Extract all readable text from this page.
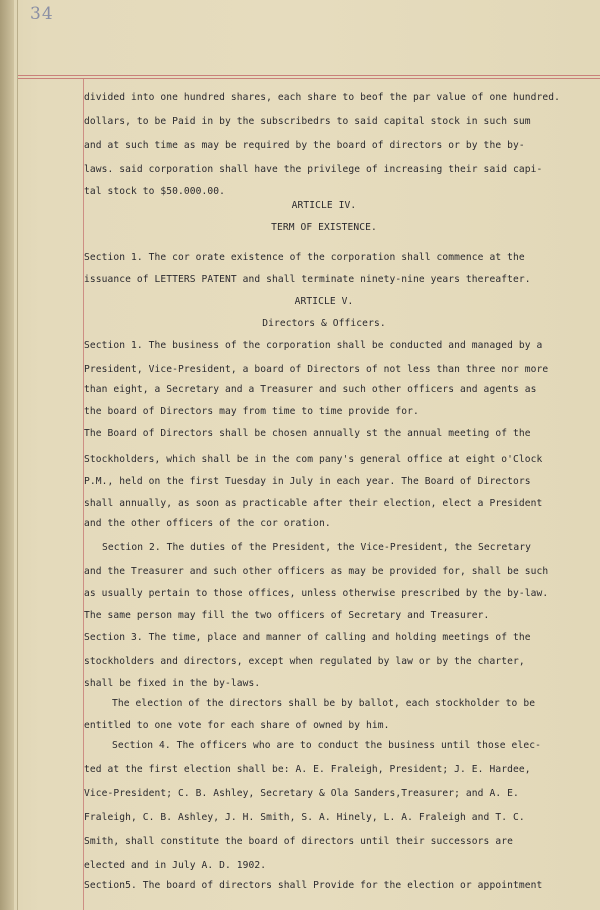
34
divided into one hundred shares, each share to beof the par value of one hundred.
dollars, to be Paid in by the subscribedrs to said capital stock in such sum
and at such time as may be required by the board of directors or by the by-
laws. said corporation shall have the privilege of increasing their said capi-
tal stock to $50.000.00.
ARTICLE IV.
TERM OF EXISTENCE.
Section 1. The cor orate existence of the corporation shall commence at the
issuance of LETTERS PATENT and shall terminate ninety-nine years thereafter.
ARTICLE V.
Directors & Officers.
Section 1. The business of the corporation shall be conducted and managed by a
President, Vice-President, a board of Directors of not less than three nor more
than eight, a Secretary and a Treasurer and such other officers and agents as
the board of Directors may from time to time provide for.
The Board of Directors shall be chosen annually st the annual meeting of the
Stockholders, which shall be in the com pany's general office at eight o'Clock
P.M., held on the first Tuesday in July in each year. The Board of Directors
shall annually, as soon as practicable after their election, elect a President
and the other officers of the cor oration.
Section 2. The duties of the President, the Vice-President, the Secretary
and the Treasurer and such other officers as may be provided for, shall be such
as usually pertain to those offices, unless otherwise prescribed by the by-law.
The same person may fill the two officers of Secretary and Treasurer.
Section 3. The time, place and manner of calling and holding meetings of the
stockholders and directors, except when regulated by law or by the charter,
shall be fixed in the by-laws.
The election of the directors shall be by ballot, each stockholder to be
entitled to one vote for each share of owned by him.
Section 4. The officers who are to conduct the business until those elec-
ted at the first election shall be: A. E. Fraleigh, President; J. E. Hardee,
Vice-President; C. B. Ashley, Secretary & Ola Sanders,Treasurer; and A. E.
Fraleigh, C. B. Ashley, J. H. Smith, S. A. Hinely, L. A. Fraleigh and T. C.
Smith, shall constitute the board of directors until their successors are
elected and in July A. D. 1902.
Section5. The board of directors shall Provide for the election or appointment
